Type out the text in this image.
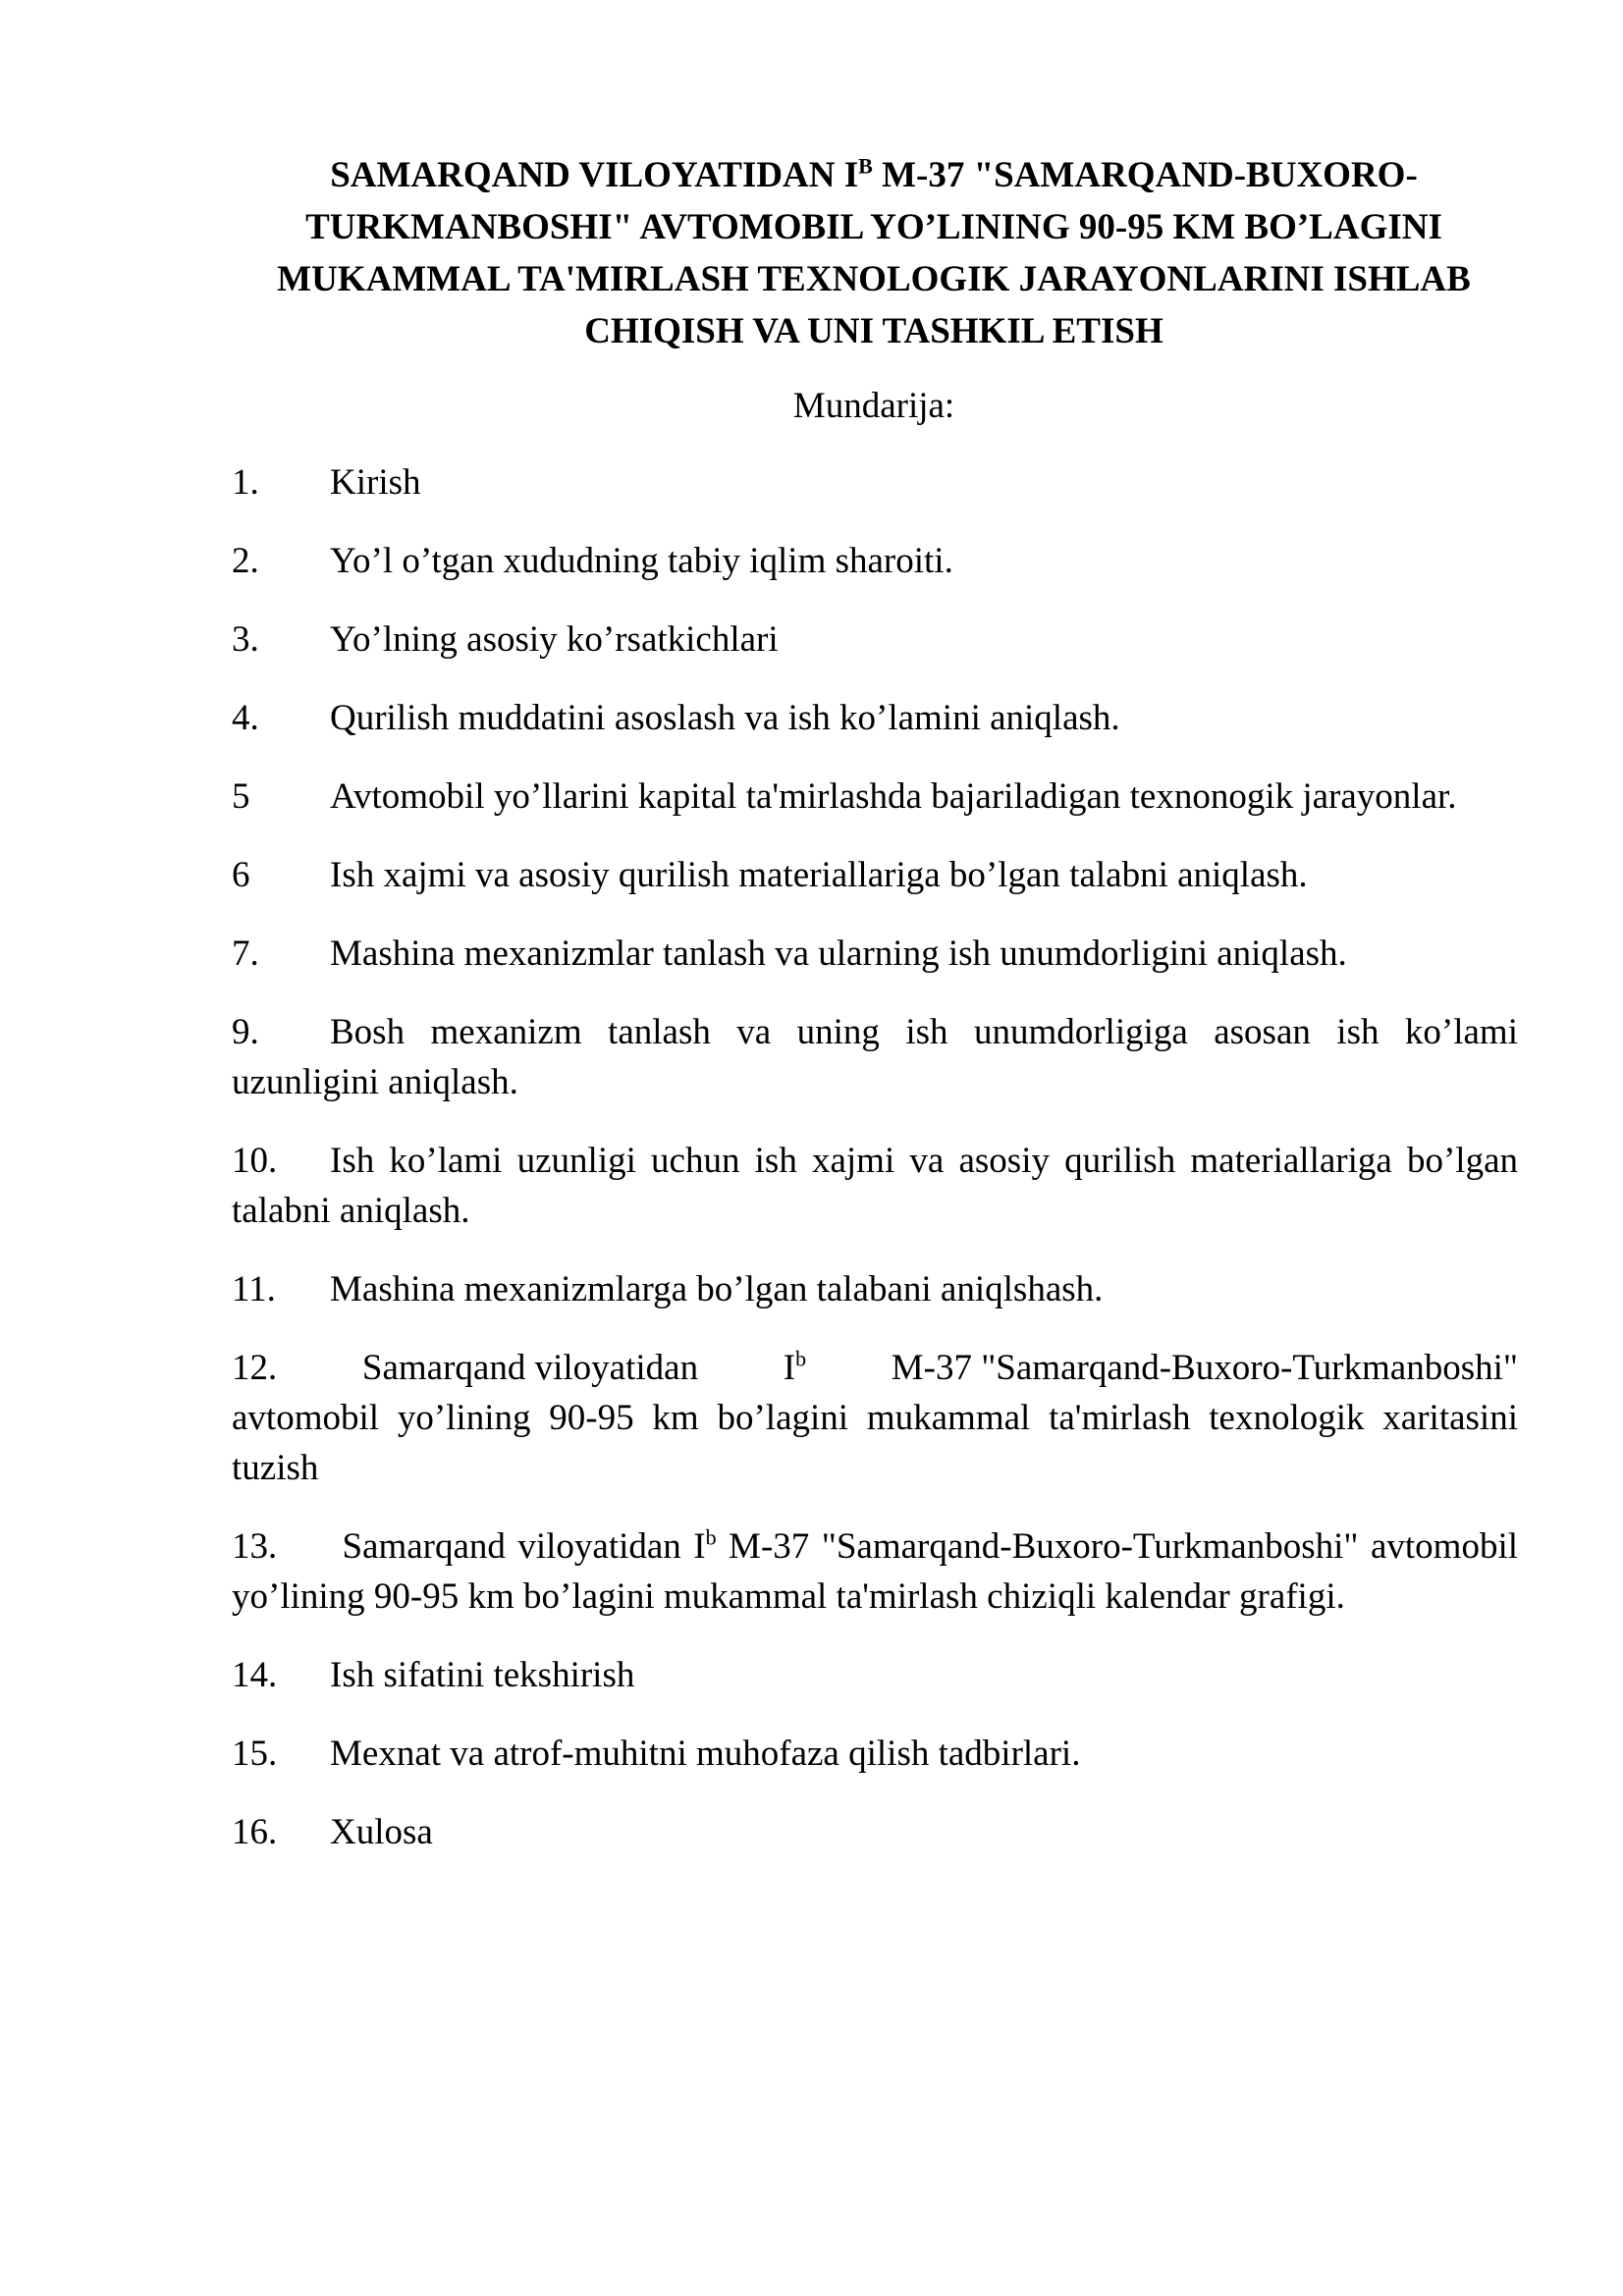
SAMARQAND VILOYATIDAN $I^B$ M-37 "SAMARQAND-BUXORO-TURKMANBOSHI" AVTOMOBIL YO’LINING 90-95 KM BO’LAGINI MUKAMMAL TA'MIRLASH TEXNOLOGIK JARAYONLARINI ISHLAB CHIQISH VA UNI TASHKIL ETISH
Mundarija:
1. Kirish
2. Yo’l o’tgan xududning tabiy iqlim sharoiti.
3. Yo’lning asosiy ko’rsatkichlari
4. Qurilish muddatini asoslash va ish ko’lamini aniqlash.
5 Avtomobil yo’llarini kapital ta'mirlashda bajariladigan texnonogik jarayonlar.
6 Ish xajmi va asosiy qurilish materiallariga bo’lgan talabni aniqlash.
7. Mashina mexanizmlar tanlash va ularning ish unumdorligini aniqlash.
9. Bosh mexanizm tanlash va uning ish unumdorligiga asosan ish ko’lami uzunligini aniqlash.
10. Ish ko’lami uzunligi uchun ish xajmi va asosiy qurilish materiallariga bo’lgan talabni aniqlash.
11. Mashina mexanizmlarga bo’lgan talabani aniqlshash.
12. Samarqand viloyatidan $I^b$ M-37 "Samarqand-Buxoro-Turkmanboshi"
avtomobil yo’lining 90-95 km bo’lagini mukammal ta'mirlash texnologik xaritasini tuzish
13. Samarqand viloyatidan $I^b$ M-37 "Samarqand-Buxoro-Turkmanboshi" avtomobil yo’lining 90-95 km bo’lagini mukammal ta'mirlash chiziqli kalendar grafigi.
14. Ish sifatini tekshirish
15. Mexnat va atrof-muhitni muhofaza qilish tadbirlari.
16. Xulosa
